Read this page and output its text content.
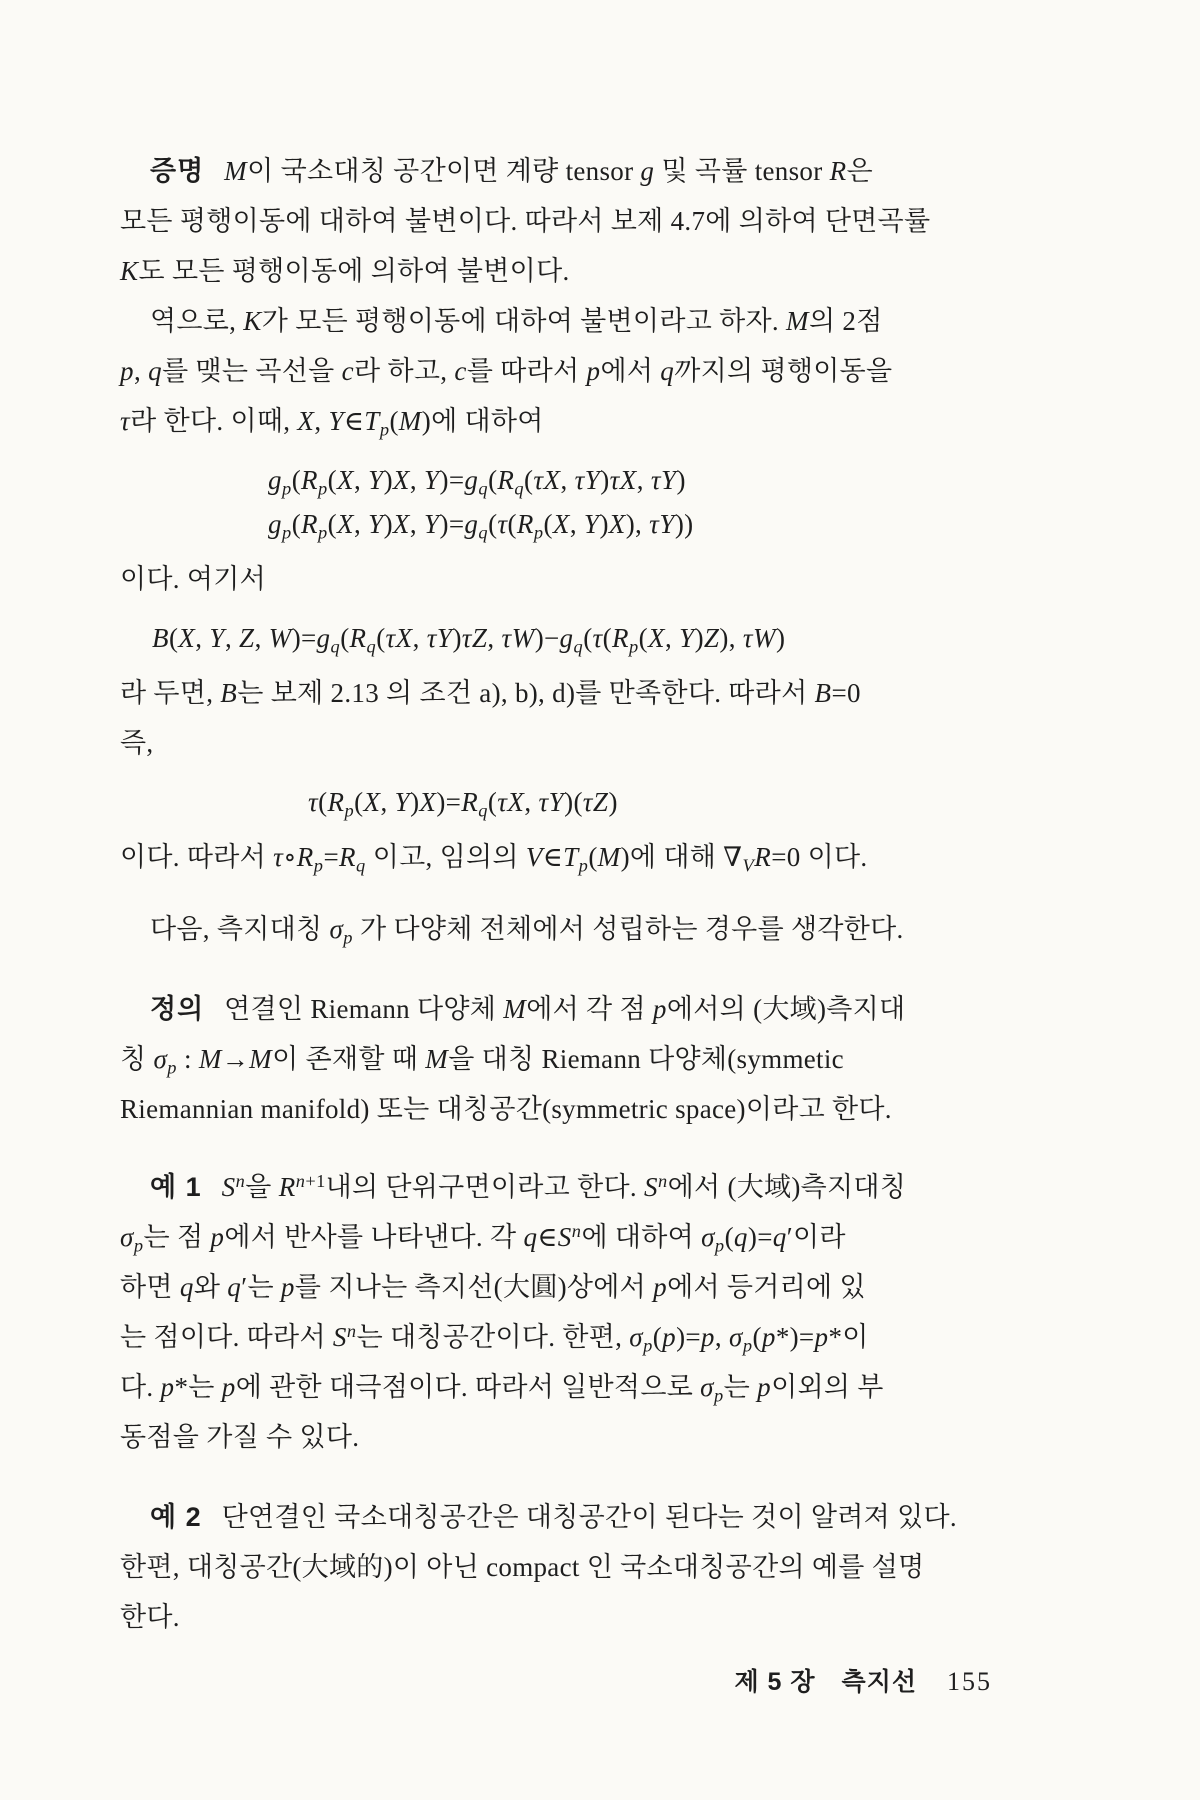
증명 M이 국소대칭 공간이면 계량 tensor g 및 곡률 tensor R은
모든 평행이동에 대하여 불변이다. 따라서 보제 4.7에 의하여 단면곡률
K도 모든 평행이동에 의하여 불변이다.
역으로, K가 모든 평행이동에 대하여 불변이라고 하자. M의 2점
p, q를 맺는 곡선을 c라 하고, c를 따라서 p에서 q까지의 평행이동을
τ라 한다. 이때, X, $Y\in T_p(M)$에 대하여
$g_p(R_p(X$, Y)X, $Y)=g_q(R_q(\tau X$, τY)τX, τY)
$g_p(R_p(X$, Y)X, $Y)=g_q(\tau(R_p(X$, Y)X), τY))
이다. 여기서
B(X, Y, Z, $W)=g_q(R_q(\tau X$, τY)τZ, $\tau W)-g_q(\tau(R_p(X$, Y)Z), τW)
라 두면, B는 보제 2.13 의 조건 a), b), d)를 만족한다. 따라서 B=0
즉,
$\tau(R_p(X$, $Y)X)=R_q(\tau X$, τY)(τZ)
이다. 따라서 $\tau\circ R_p=R_q$ 이고, 임의의 $V\in T_p(M)$에 대해 $\nabla_VR=0$ 이다.
다음, 측지대칭 $\sigma_p$ 가 다양체 전체에서 성립하는 경우를 생각한다.
정의 연결인 Riemann 다양체 M에서 각 점 p에서의 (大域)측지대
칭 $\sigma_p$ : M→M이 존재할 때 M을 대칭 Riemann 다양체(symmetic
Riemannian manifold) 또는 대칭공간(symmetric space)이라고 한다.
예 1 $S^n$을 $R^{n+1}$내의 단위구면이라고 한다. $S^n$에서 (大域)측지대칭
$\sigma_p$는 점 p에서 반사를 나타낸다. 각 $q\in S^n$에 대하여 $\sigma_p(q)=q'$이라
하면 q와 q′는 p를 지나는 측지선(大圓)상에서 p에서 등거리에 있
는 점이다. 따라서 $S^n$는 대칭공간이다. 한편, $\sigma_p(p)=p$, $\sigma_p(p*)=p*$이
다. p*는 p에 관한 대극점이다. 따라서 일반적으로 $\sigma_p$는 p이외의 부
동점을 가질 수 있다.
예 2 단연결인 국소대칭공간은 대칭공간이 된다는 것이 알려져 있다.
한편, 대칭공간(大域的)이 아닌 compact 인 국소대칭공간의 예를 설명
한다.
제 5 장 측지선 155
